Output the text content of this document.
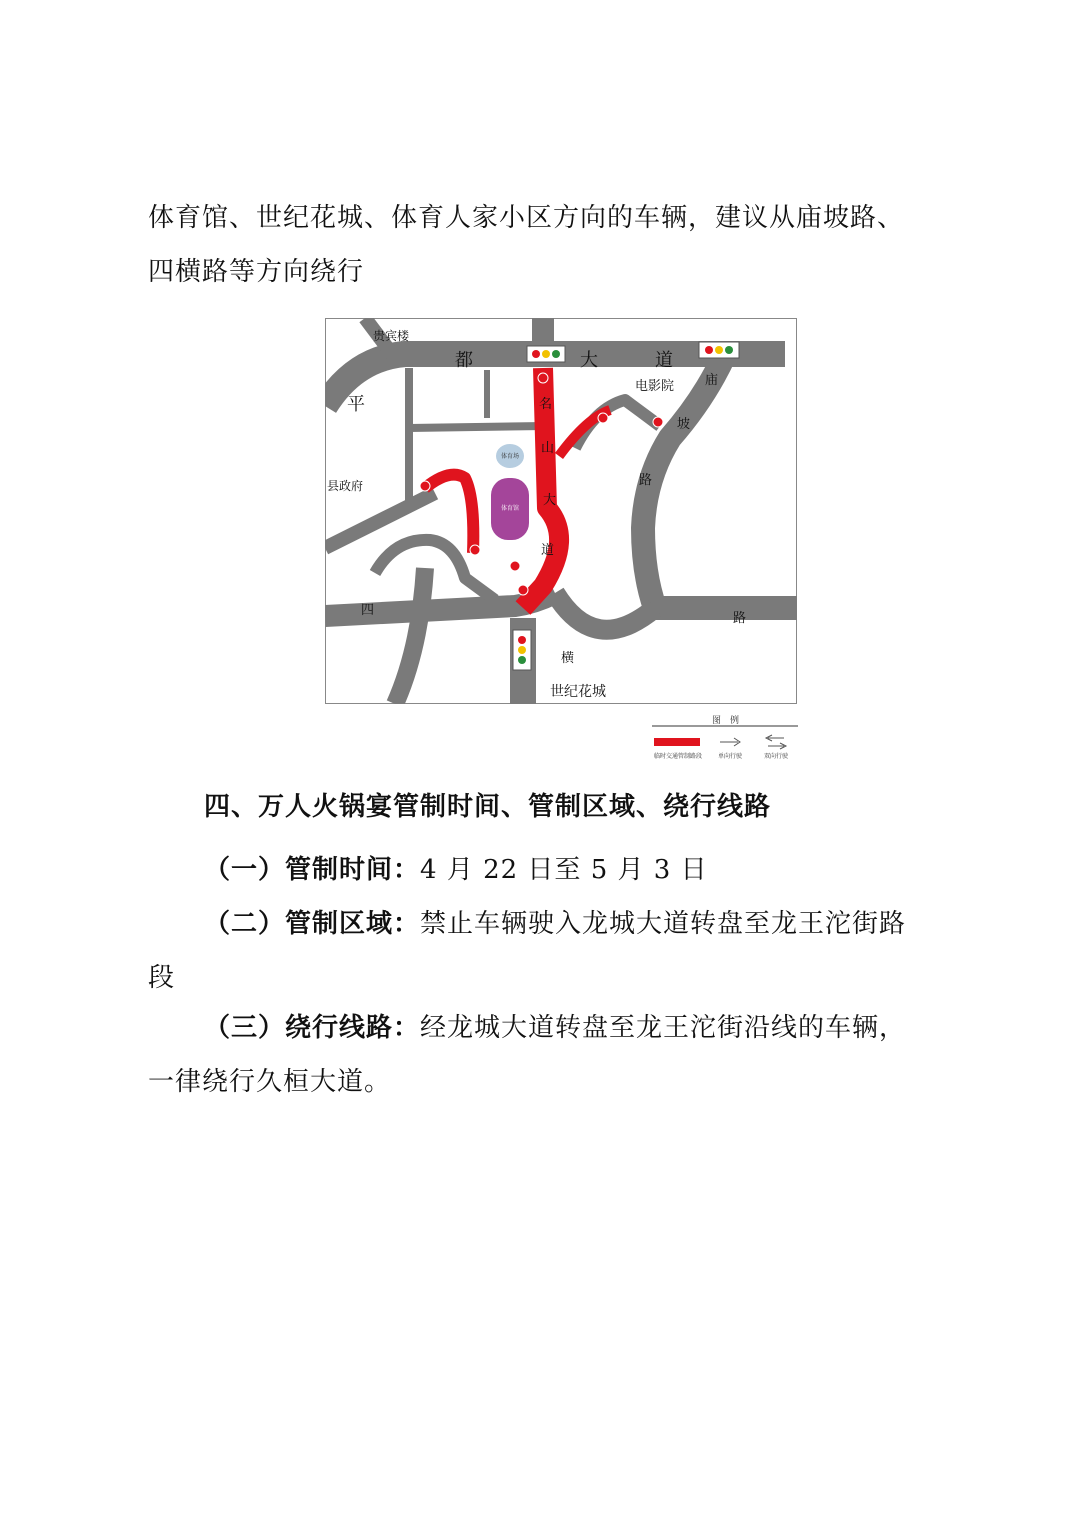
体育馆、世纪花城、体育人家小区方向的车辆，建议从庙坡路、
四横路等方向绕行
体育场
体育馆
贵宾楼
都	大	道
平
电影院 庙
坡
路
县政府
名
山
大
道
四
路
横
世纪花城
图　例
临时交通管制路段	单向行驶	双向行驶
四、万人火锅宴管制时间、管制区域、绕行线路
（一）管制时间：4 月 22 日至 5 月 3 日
（二）管制区域：禁止车辆驶入龙城大道转盘至龙王沱街路
段
（三）绕行线路：经龙城大道转盘至龙王沱街沿线的车辆，
一律绕行久桓大道。
